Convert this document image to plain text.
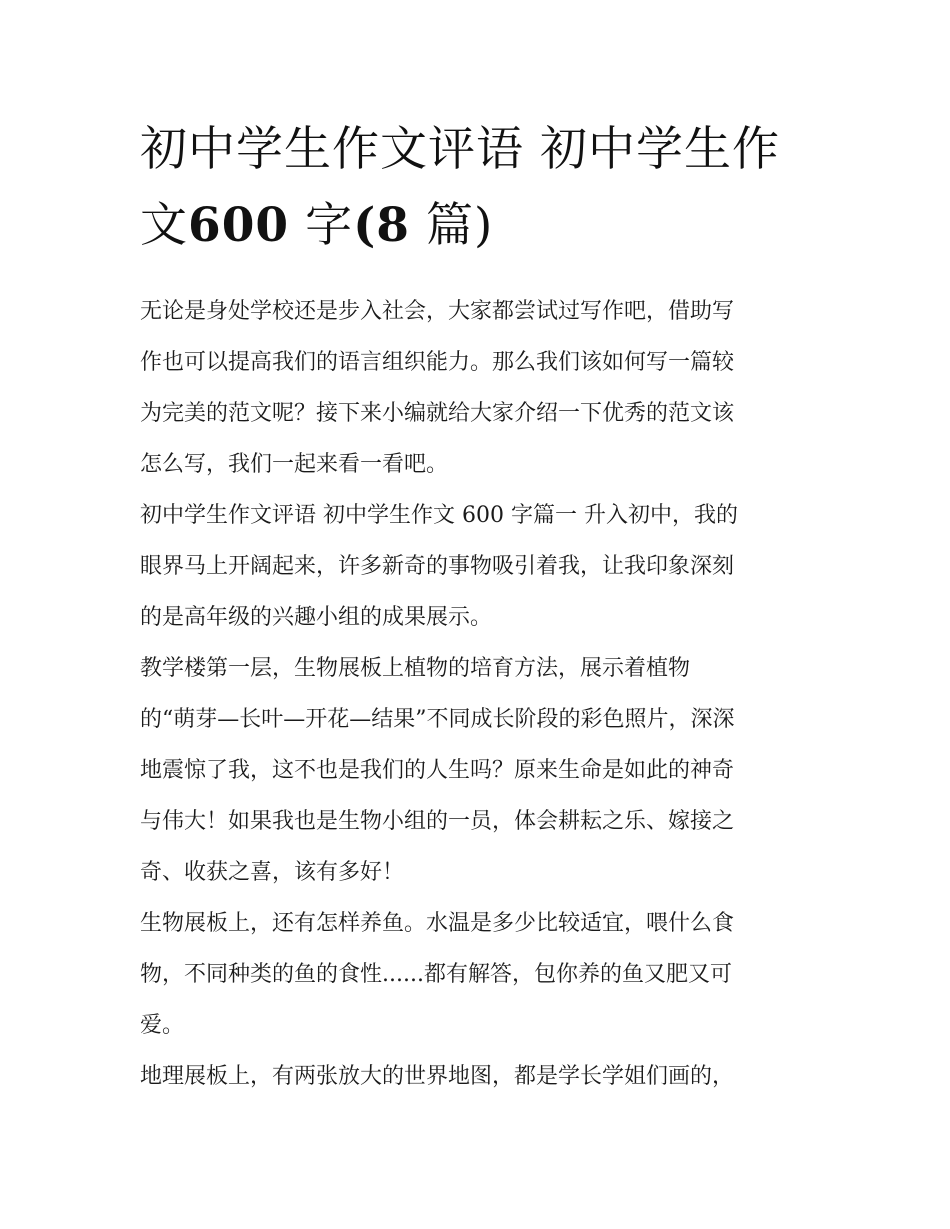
初中学生作文评语 初中学生作
文600 字(8 篇)

无论是身处学校还是步入社会，大家都尝试过写作吧，借助写
作也可以提高我们的语言组织能力。那么我们该如何写一篇较
为完美的范文呢？接下来小编就给大家介绍一下优秀的范文该
怎么写，我们一起来看一看吧。

初中学生作文评语 初中学生作文 600 字篇一 升入初中，我的
眼界马上开阔起来，许多新奇的事物吸引着我，让我印象深刻
的是高年级的兴趣小组的成果展示。

教学楼第一层，生物展板上植物的培育方法，展示着植物
的“萌芽—长叶—开花—结果”不同成长阶段的彩色照片，深深
地震惊了我，这不也是我们的人生吗？原来生命是如此的神奇
与伟大！如果我也是生物小组的一员，体会耕耘之乐、嫁接之
奇、收获之喜，该有多好！

生物展板上，还有怎样养鱼。水温是多少比较适宜，喂什么食
物，不同种类的鱼的食性......都有解答，包你养的鱼又肥又可
爱。

地理展板上，有两张放大的世界地图，都是学长学姐们画的，
